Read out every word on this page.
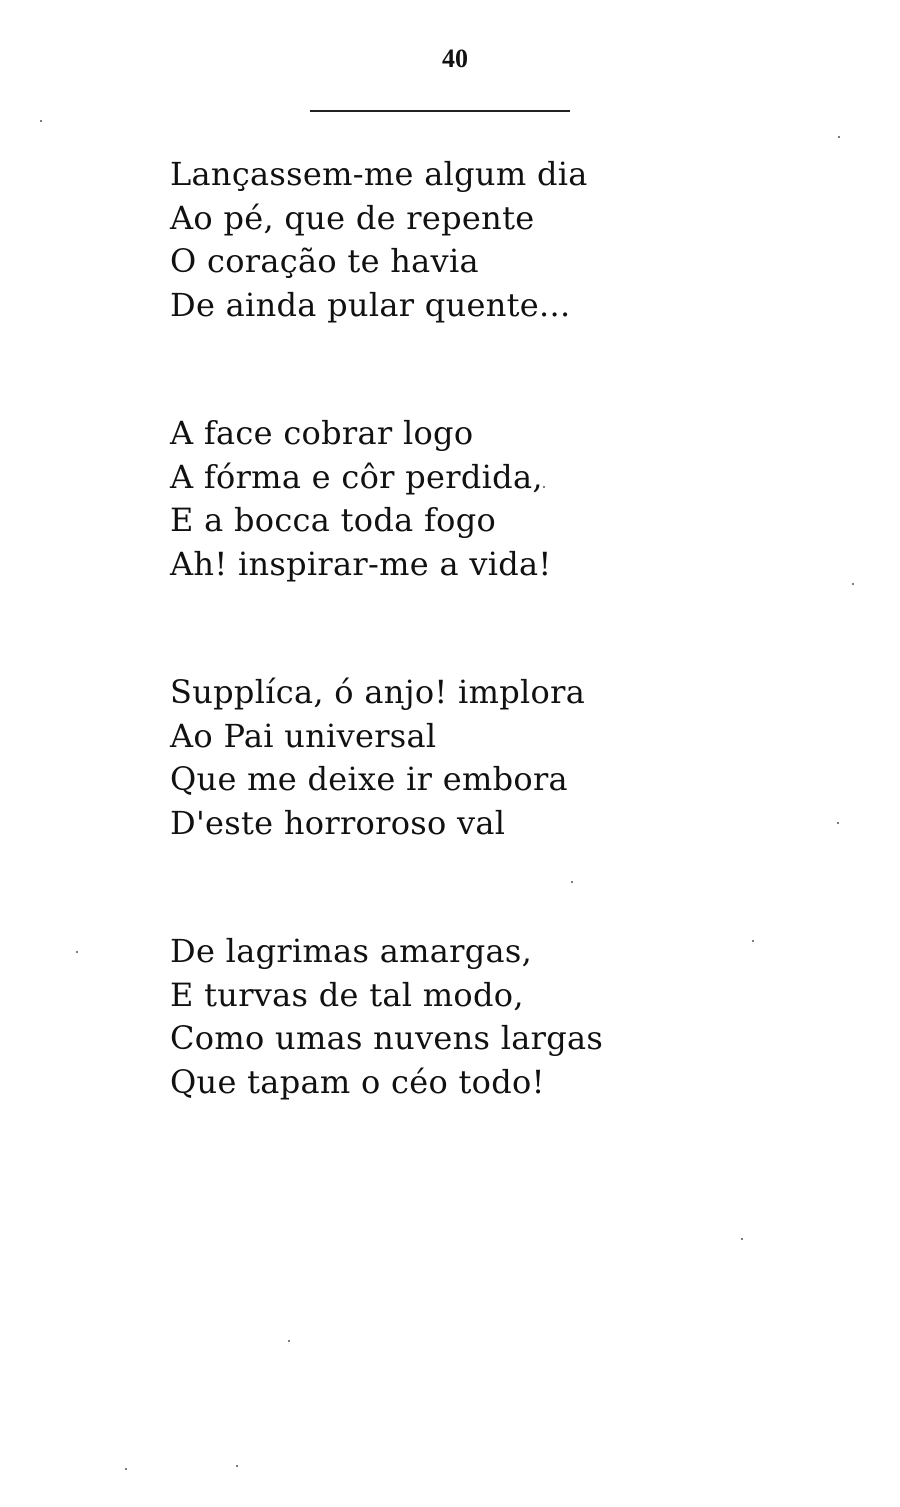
40
Lançassem-me algum dia
Ao pé, que de repente
O coração te havia
De ainda pular quente...
A face cobrar logo
A fórma e côr perdida,
E a bocca toda fogo
Ah! inspirar-me a vida!
Supplíca, ó anjo! implora
Ao Pai universal
Que me deixe ir embora
D'este horroroso val
De lagrimas amargas,
E turvas de tal modo,
Como umas nuvens largas
Que tapam o céo todo!
